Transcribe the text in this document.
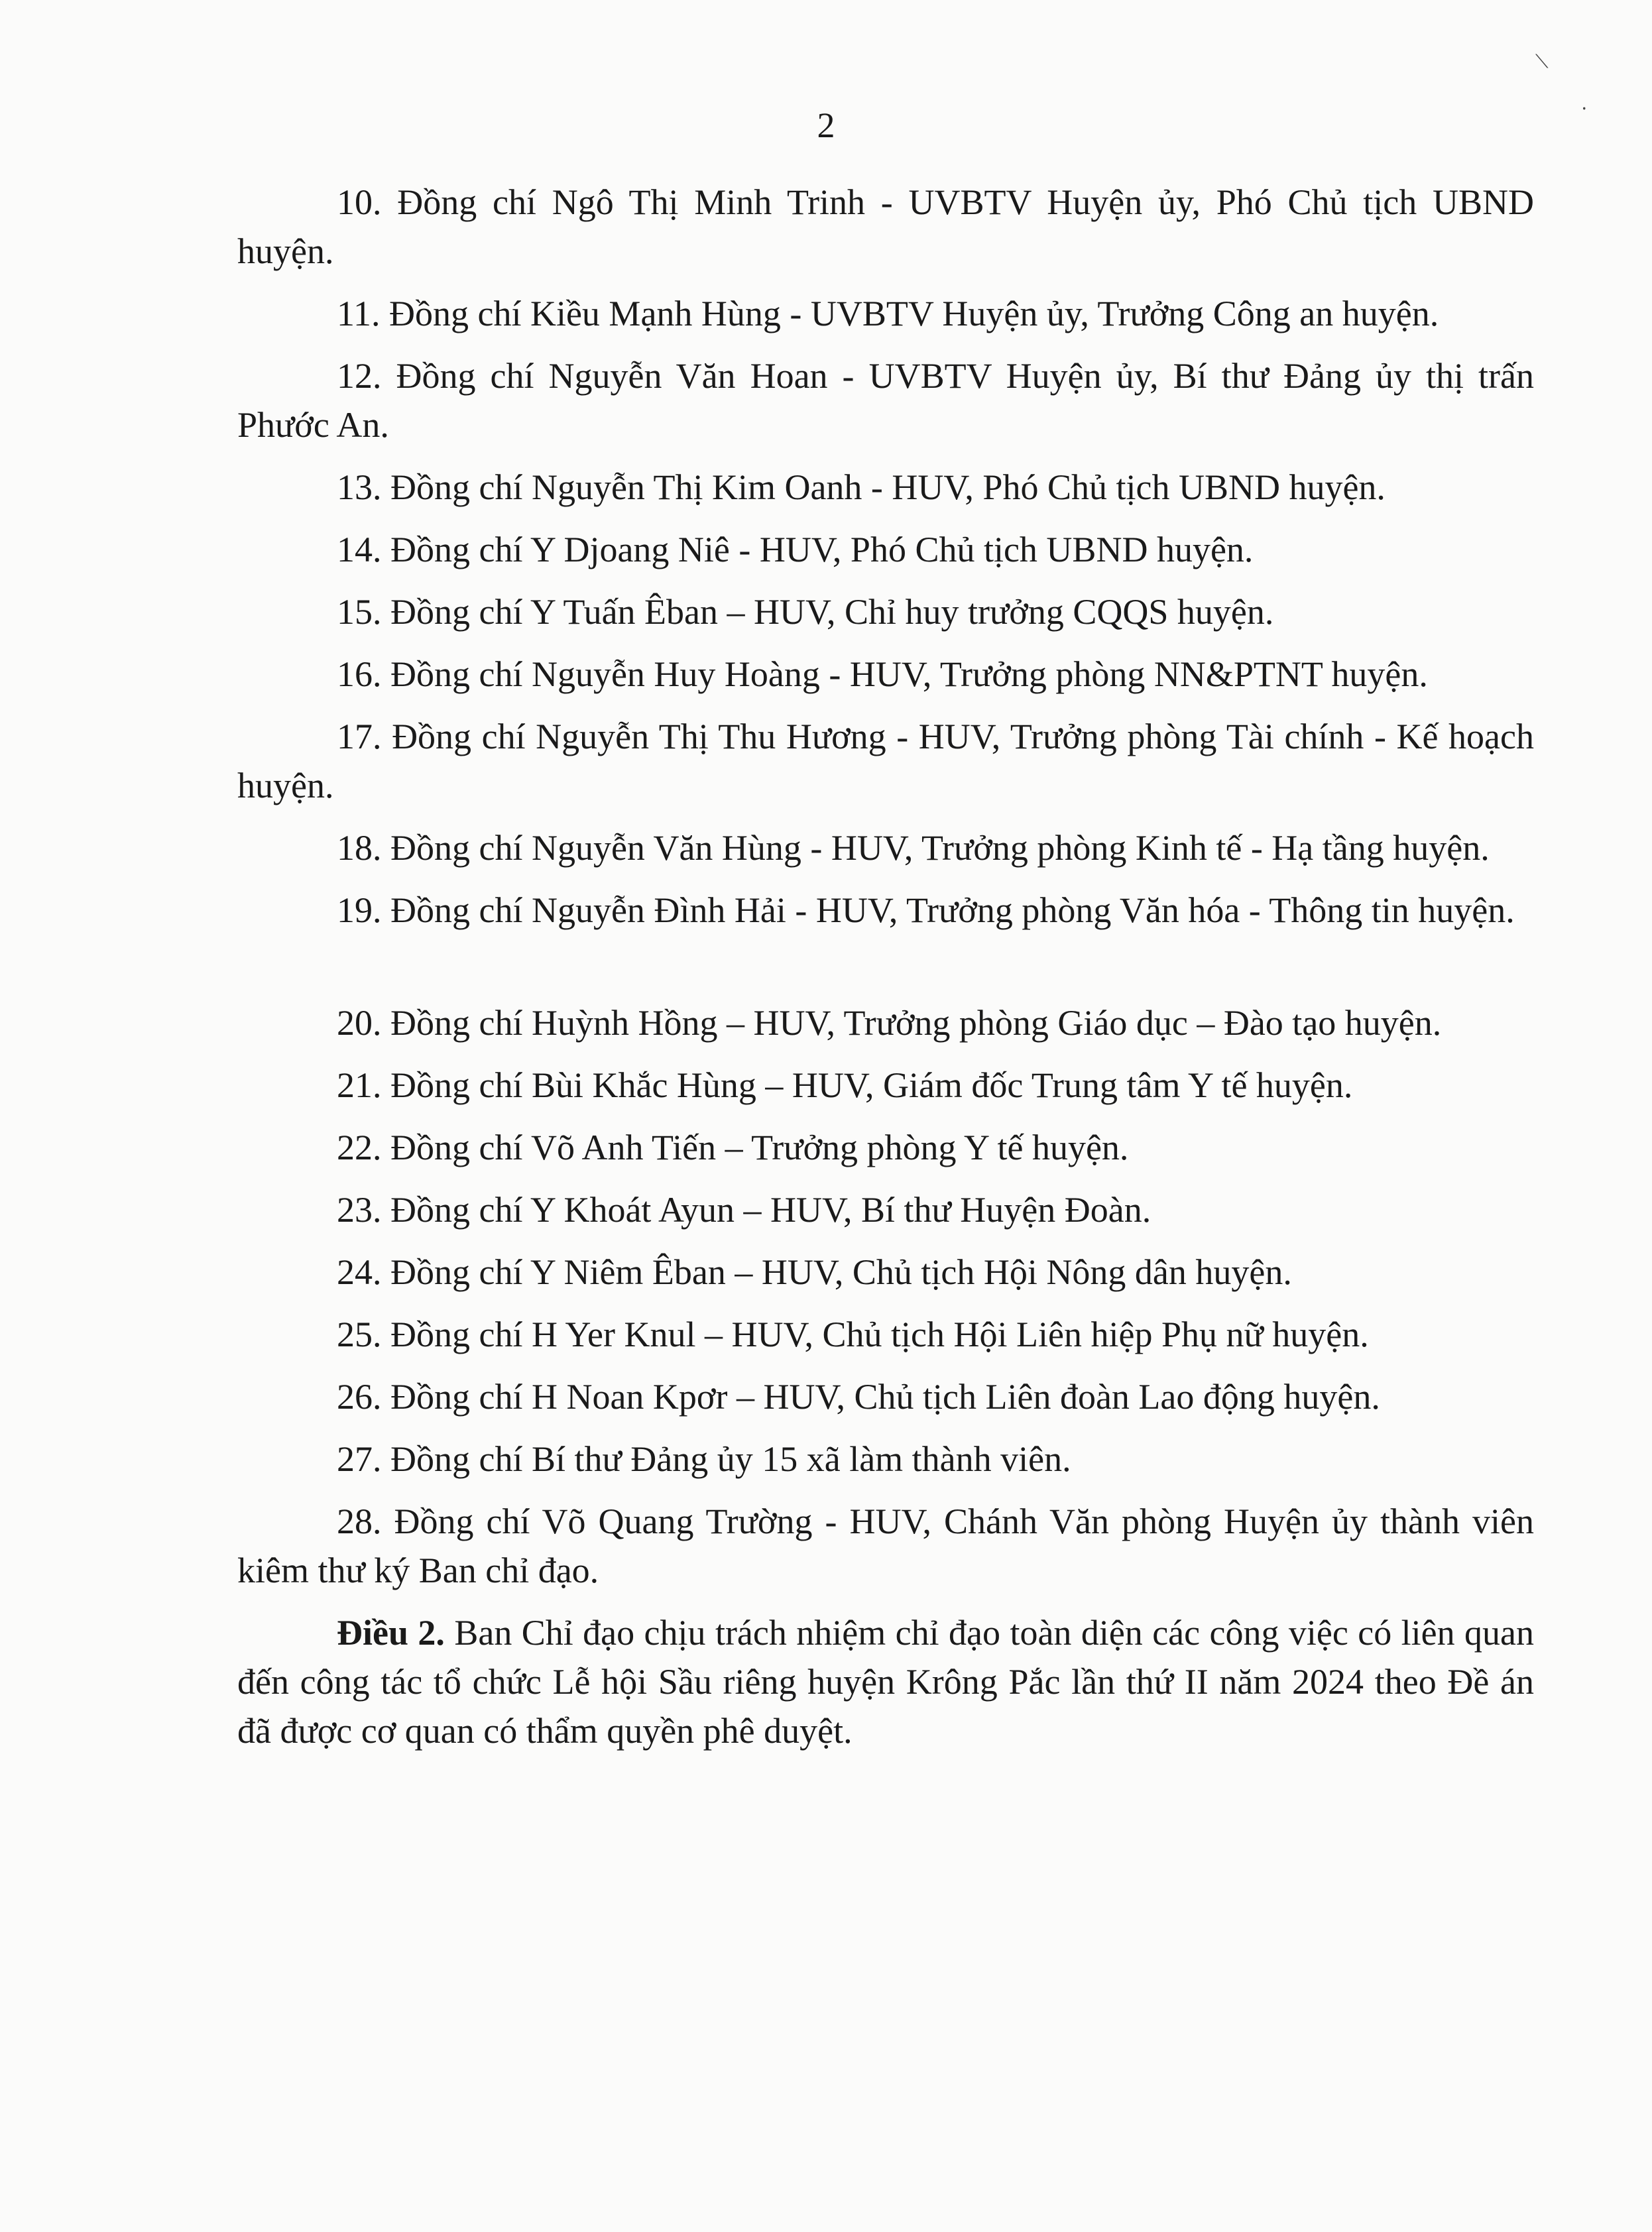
⟍
⸳
2

10. Đồng chí Ngô Thị Minh Trinh - UVBTV Huyện ủy, Phó Chủ tịch UBND huyện.

11. Đồng chí Kiều Mạnh Hùng - UVBTV Huyện ủy, Trưởng Công an huyện.

12. Đồng chí Nguyễn Văn Hoan - UVBTV Huyện ủy, Bí thư Đảng ủy thị trấn Phước An.

13. Đồng chí Nguyễn Thị Kim Oanh - HUV, Phó Chủ tịch UBND huyện.

14. Đồng chí Y Djoang Niê - HUV, Phó Chủ tịch UBND huyện.

15. Đồng chí Y Tuấn Êban – HUV, Chỉ huy trưởng CQQS huyện.

16. Đồng chí Nguyễn Huy Hoàng - HUV, Trưởng phòng NN&PTNT huyện.

17. Đồng chí Nguyễn Thị Thu Hương - HUV, Trưởng phòng Tài chính - Kế hoạch huyện.

18. Đồng chí Nguyễn Văn Hùng - HUV, Trưởng phòng Kinh tế - Hạ tầng huyện.

19. Đồng chí Nguyễn Đình Hải - HUV, Trưởng phòng Văn hóa - Thông tin huyện.

20. Đồng chí Huỳnh Hồng – HUV, Trưởng phòng Giáo dục – Đào tạo huyện.

21. Đồng chí Bùi Khắc Hùng – HUV, Giám đốc Trung tâm Y tế huyện.

22. Đồng chí Võ Anh Tiến – Trưởng phòng Y tế huyện.

23. Đồng chí Y Khoát Ayun – HUV, Bí thư Huyện Đoàn.

24. Đồng chí Y Niêm Êban – HUV, Chủ tịch Hội Nông dân huyện.

25. Đồng chí H Yer Knul – HUV, Chủ tịch Hội Liên hiệp Phụ nữ huyện.

26. Đồng chí H Noan Kpơr – HUV, Chủ tịch Liên đoàn Lao động huyện.

27. Đồng chí Bí thư Đảng ủy 15 xã làm thành viên.

28. Đồng chí Võ Quang Trường - HUV, Chánh Văn phòng Huyện ủy thành viên kiêm thư ký Ban chỉ đạo.

Điều 2. Ban Chỉ đạo chịu trách nhiệm chỉ đạo toàn diện các công việc có liên quan đến công tác tổ chức Lễ hội Sầu riêng huyện Krông Pắc lần thứ II năm 2024 theo Đề án đã được cơ quan có thẩm quyền phê duyệt.
